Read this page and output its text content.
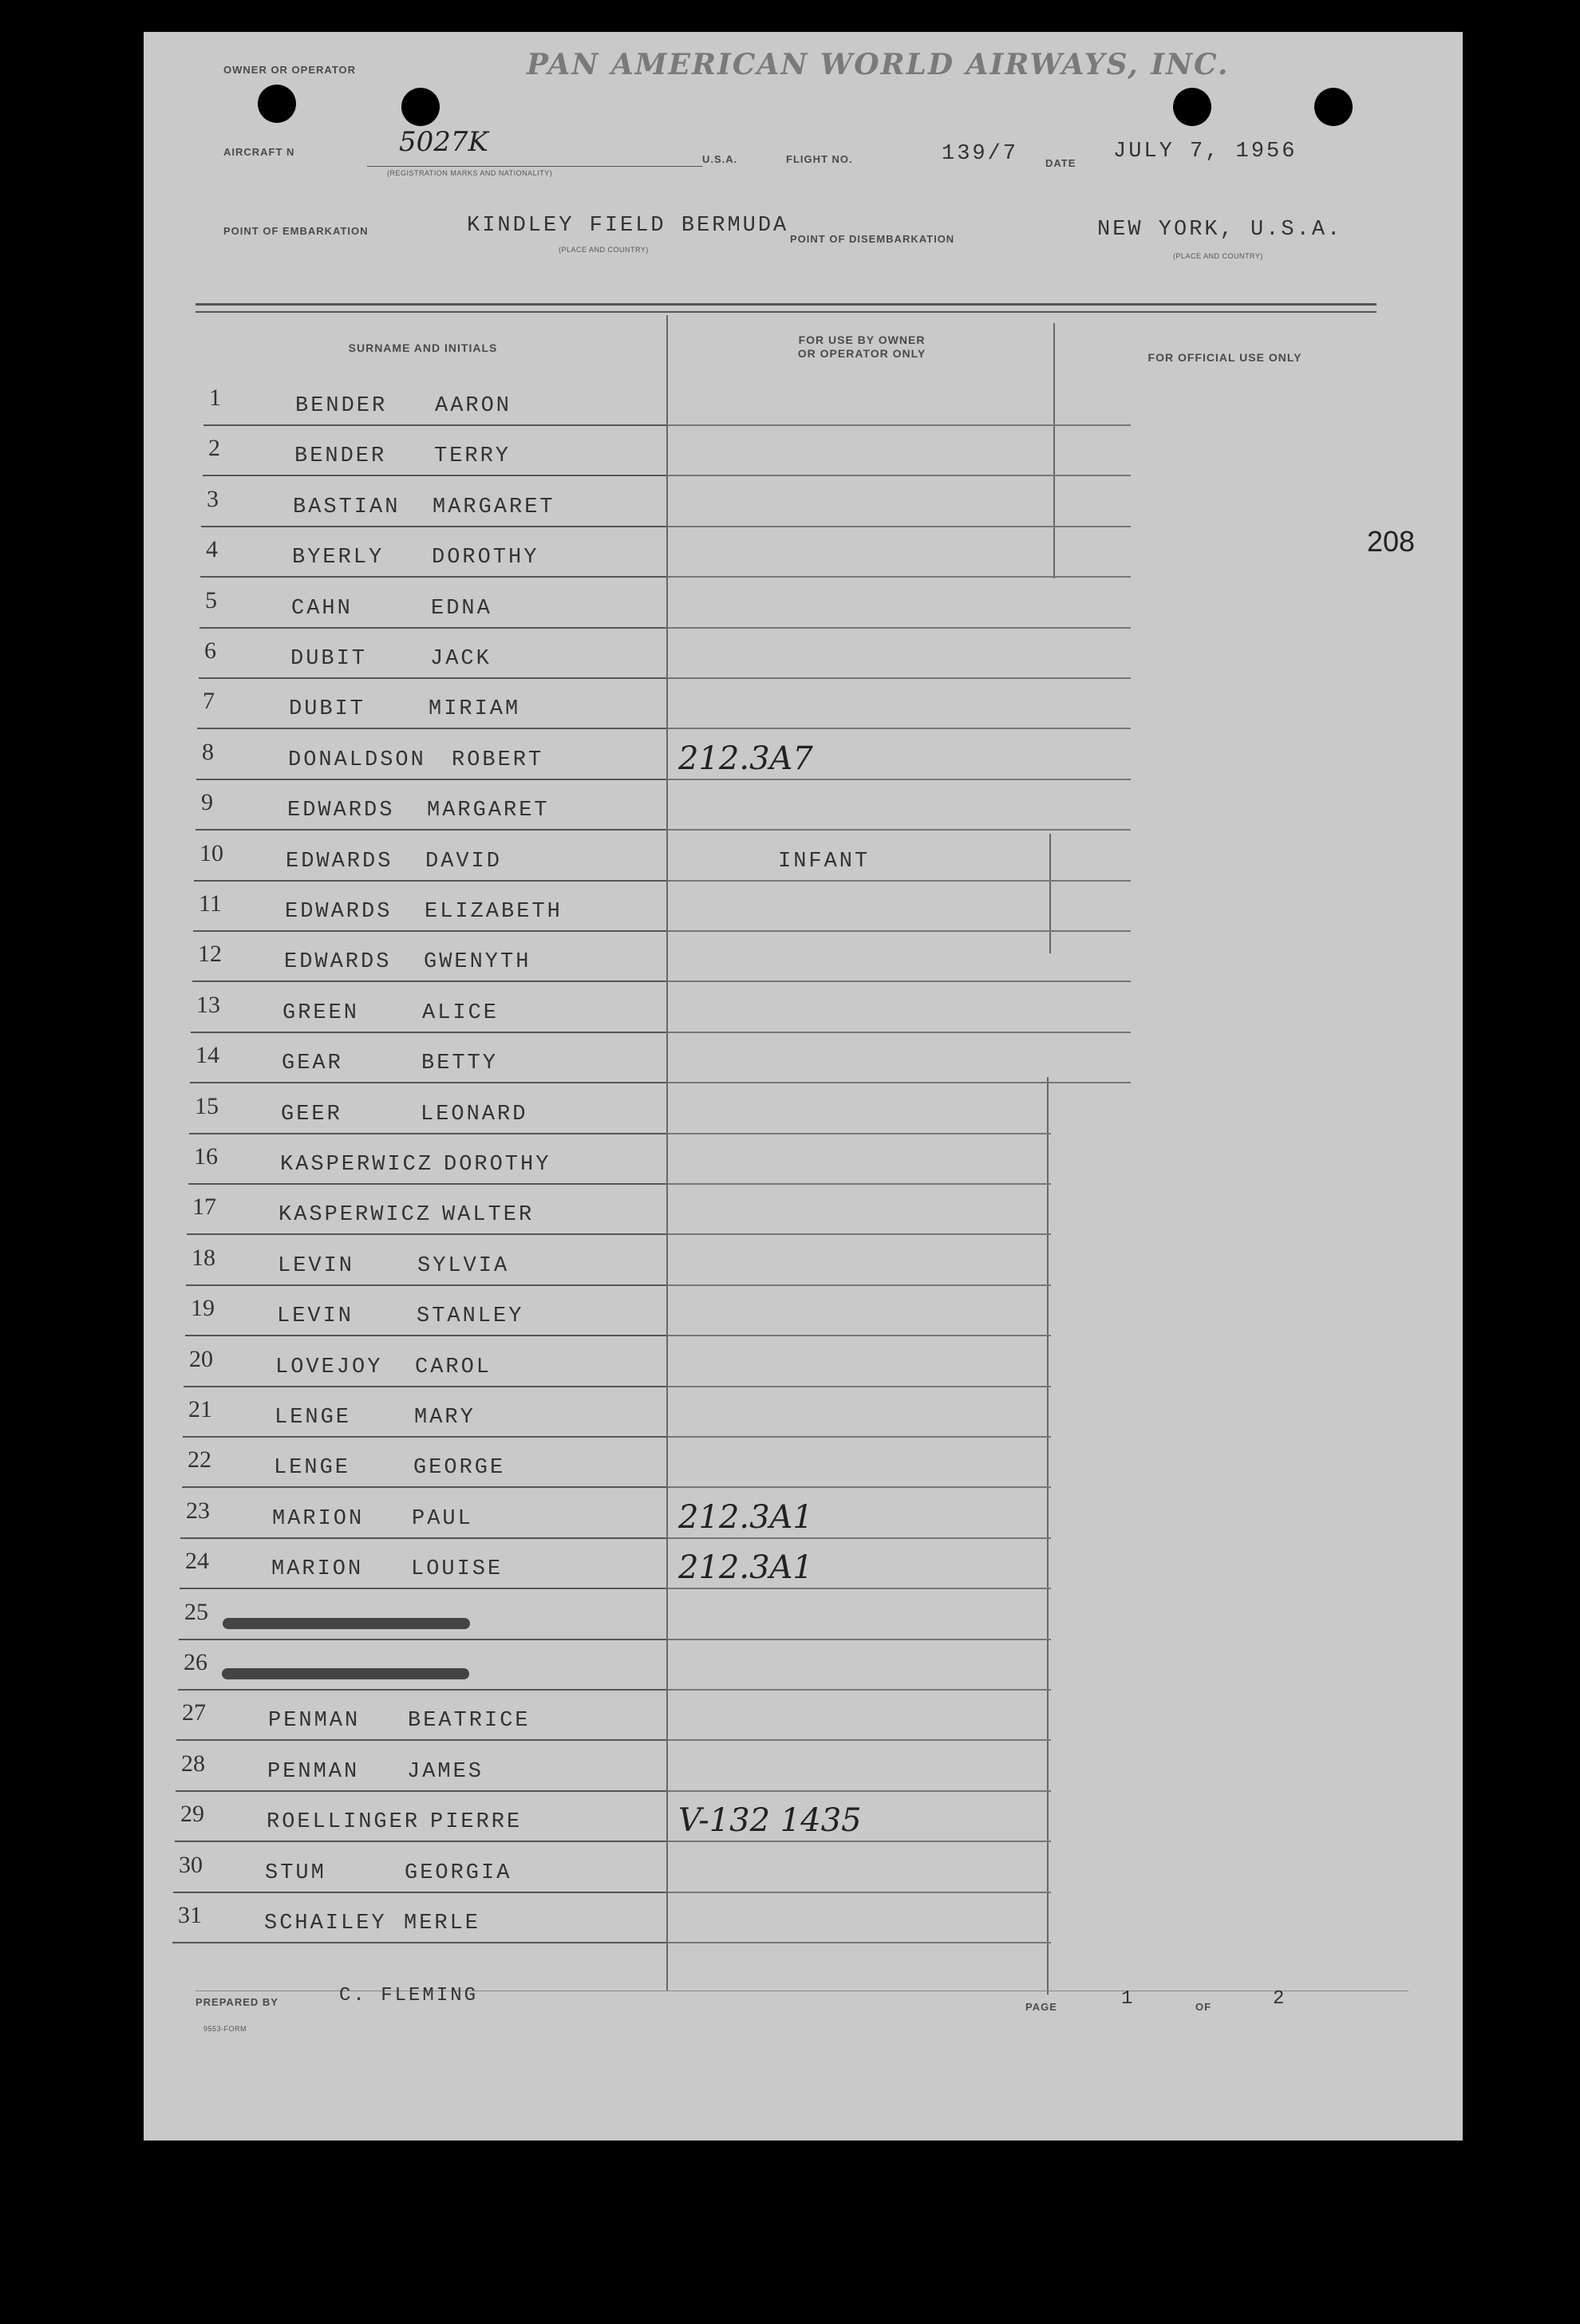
OWNER OR OPERATOR	PAN AMERICAN WORLD AIRWAYS, INC.
AIRCRAFT N	5027K
(REGISTRATION MARKS AND NATIONALITY)
U.S.A.	FLIGHT NO.	139/7	DATE JULY 7, 1956
POINT OF EMBARKATION	KINDLEY FIELD BERMUDA
(PLACE AND COUNTRY)
POINT OF DISEMBARKATION	NEW YORK, U.S.A.
(PLACE AND COUNTRY)
SURNAME AND INITIALS
FOR USE BY OWNER
OR OPERATOR ONLY	FOR OFFICIAL USE ONLY
208
1	BENDER AARON
2	BENDER TERRY
3	BASTIAN MARGARET
4	BYERLY DOROTHY
5	CAHN	EDNA
6	DUBIT	JACK
7	DUBIT	MIRIAM
8	DONALDSON ROBERT	212.3A7
9	EDWARDS MARGARET
10	EDWARDS DAVID	INFANT
11	EDWARDS ELIZABETH
12	EDWARDS GWENYTH
13	GREEN	ALICE
14	GEAR	BETTY
15	GEER	LEONARD
16	KASPERWICZ DOROTHY
17	KASPERWICZ WALTER
18	LEVIN	SYLVIA
19	LEVIN	STANLEY
20	LOVEJOY CAROL
21	LENGE	MARY
22	LENGE	GEORGE
23	MARION PAUL	212.3A1
24	MARION LOUISE	212.3A1
25
26
27	PENMAN BEATRICE
28	PENMAN JAMES
29	ROELLINGER PIERRE	V-132 1435
30	STUM	GEORGIA
31	SCHAILEY MERLE
PREPARED BY	C. FLEMING
PAGE	1	OF	2
9553-FORM
